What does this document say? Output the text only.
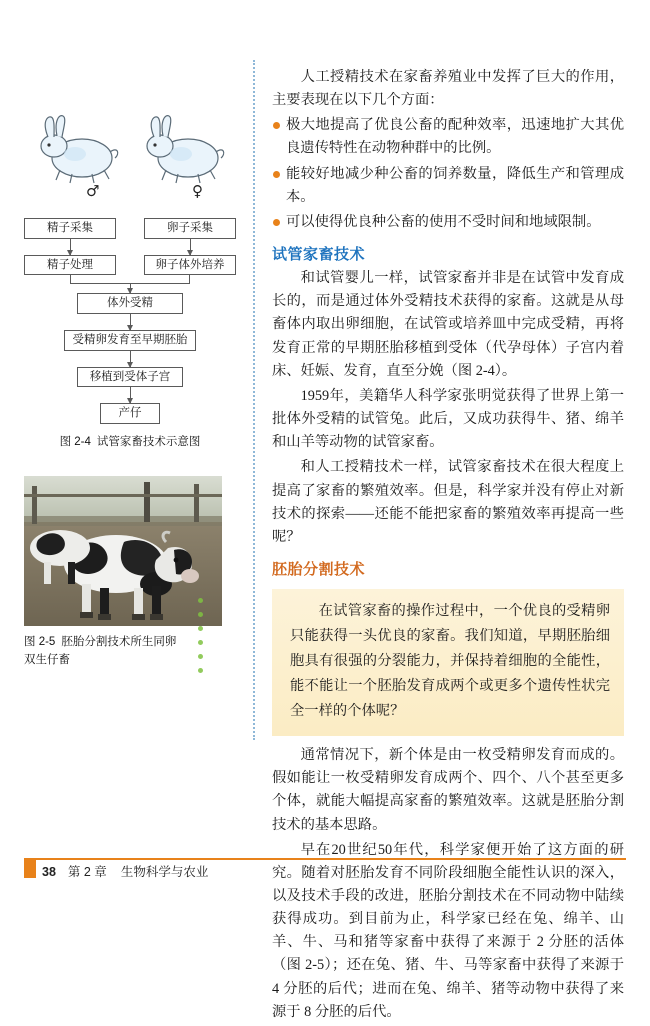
♂	♀
精子采集	卵子采集
精子处理	卵子体外培养
体外受精
受精卵发育至早期胚胎
移植到受体子宫
产仔
图 2-4 试管家畜技术示意图
图 2-5 胚胎分割技术所生同卵
双生仔畜

人工授精技术在家畜养殖业中发挥了巨大的作用，主要表现在以下几个方面：

极大地提高了优良公畜的配种效率，迅速地扩大其优良遗传特性在动物种群中的比例。
能较好地减少种公畜的饲养数量，降低生产和管理成本。
可以使得优良种公畜的使用不受时间和地域限制。
试管家畜技术

和试管婴儿一样，试管家畜并非是在试管中发育成长的，而是通过体外受精技术获得的家畜。这就是从母畜体内取出卵细胞，在试管或培养皿中完成受精，再将发育正常的早期胚胎移植到受体（代孕母体）子宫内着床、妊娠、发育，直至分娩（图 2-4）。

1959年，美籍华人科学家张明觉获得了世界上第一批体外受精的试管兔。此后，又成功获得牛、猪、绵羊和山羊等动物的试管家畜。

和人工授精技术一样，试管家畜技术在很大程度上提高了家畜的繁殖效率。但是，科学家并没有停止对新技术的探索——还能不能把家畜的繁殖效率再提高一些呢？

胚胎分割技术
在试管家畜的操作过程中，一个优良的受精卵只能获得一头优良的家畜。我们知道，早期胚胎细胞具有很强的分裂能力，并保持着细胞的全能性，能不能让一个胚胎发育成两个或更多个遗传性状完全一样的个体呢？

通常情况下，新个体是由一枚受精卵发育而成的。假如能让一枚受精卵发育成两个、四个、八个甚至更多个体，就能大幅提高家畜的繁殖效率。这就是胚胎分割技术的基本思路。

早在20世纪50年代，科学家便开始了这方面的研究。随着对胚胎发育不同阶段细胞全能性认识的深入，以及技术手段的改进，胚胎分割技术在不同动物中陆续获得成功。到目前为止，科学家已经在兔、绵羊、山羊、牛、马和猪等家畜中获得了来源于 2 分胚的活体（图 2-5）；还在兔、猪、牛、马等家畜中获得了来源于 4 分胚的后代；进而在兔、绵羊、猪等动物中获得了来源于 8 分胚的后代。

38 第 2 章 生物科学与农业
